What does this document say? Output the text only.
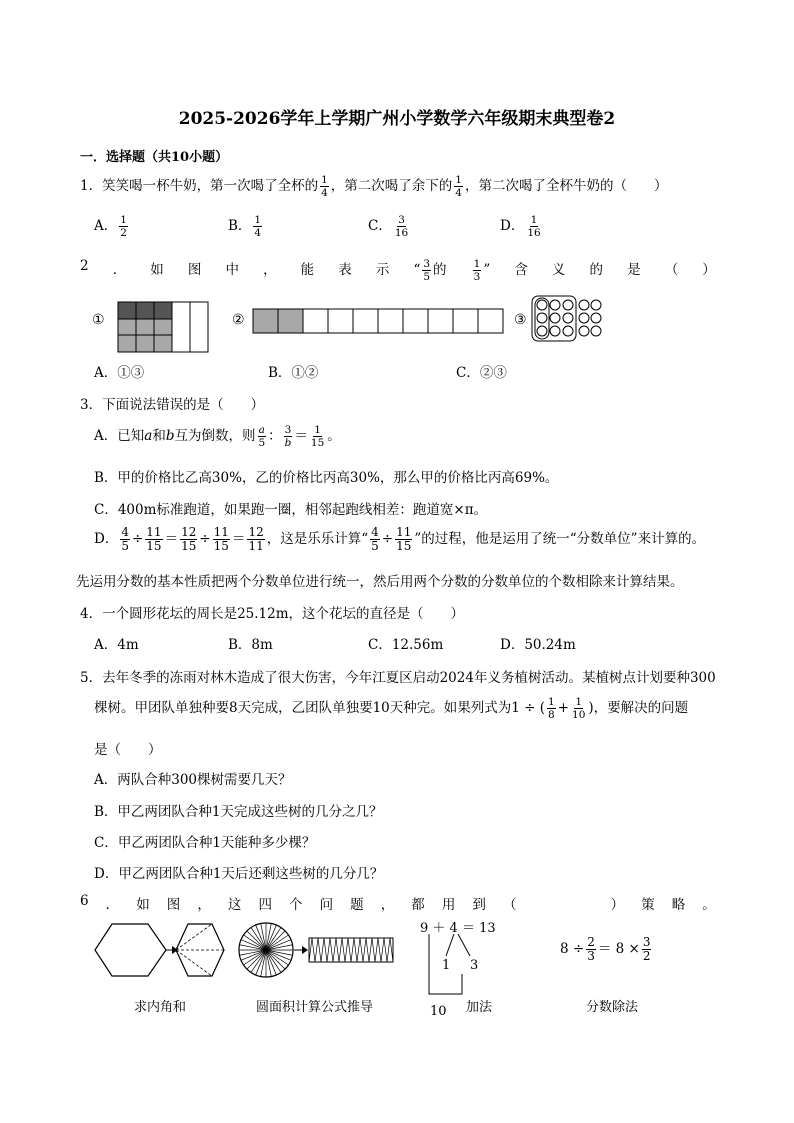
2025-2026学年上学期广州小学数学六年级期末典型卷2
一．选择题（共10小题）
1．笑笑喝一杯牛奶，第一次喝了全杯的 $\frac{1}{4}$ ，第二次喝了余下的 $\frac{1}{4}$ ，第二次喝了全杯牛奶的（　　）
A． $\frac{1}{2}$	B． $\frac{1}{4}$	C． $\frac{3}{16}$	D． $\frac{1}{16}$
2 ． 如 图 中 ， 能 表 示 “ $\frac{3}{5}$ 的 $\frac{1}{3}$ ” 含 义 的 是 （ ）
①	②	③
A．①③	B．①②	C．②③
3．下面说法错误的是（　　）
A．已知a和b互为倒数，则 $\frac{a}{5}$ ： $\frac{3}{b} = \frac{1}{15}$ 。
B．甲的价格比乙高30%，乙的价格比丙高30%，那么甲的价格比丙高69%。
C．400m标准跑道，如果跑一圈，相邻起跑线相差：跑道宽×π。
D． $\frac{4}{5} \div \frac{11}{15} = \frac{12}{15} \div \frac{11}{15} = \frac{12}{11}$ ，这是乐乐计算“ $\frac{4}{5} \div \frac{11}{15}$ ”的过程，他是运用了统一“分数单位”来计算的。
先运用分数的基本性质把两个分数单位进行统一，然后用两个分数的分数单位的个数相除来计算结果。
4．一个圆形花坛的周长是25.12m，这个花坛的直径是（　　）
A．4m	B．8m	C．12.56m	D．50.24m
5．去年冬季的冻雨对林木造成了很大伤害，今年江夏区启动2024年义务植树活动。某植树点计划要种300
棵树。甲团队单独种要8天完成，乙团队单独要10天种完。如果列式为1 ÷ ( $\frac{1}{8} + \frac{1}{10}$ )，要解决的问题
是（　　）
A．两队合种300棵树需要几天？
B．甲乙两团队合种1天完成这些树的几分之几？
C．甲乙两团队合种1天能种多少棵？
D．甲乙两团队合种1天后还剩这些树的几分几？
6 ． 如 图 ， 这 四 个 问 题 ， 都 用 到 （	） 策 略 。
9 ＋ 4 ＝ 13
1 3
10
$8 \div \frac{2}{3} = 8 \times \frac{3}{2}$
求内角和	圆面积计算公式推导	加法	分数除法
